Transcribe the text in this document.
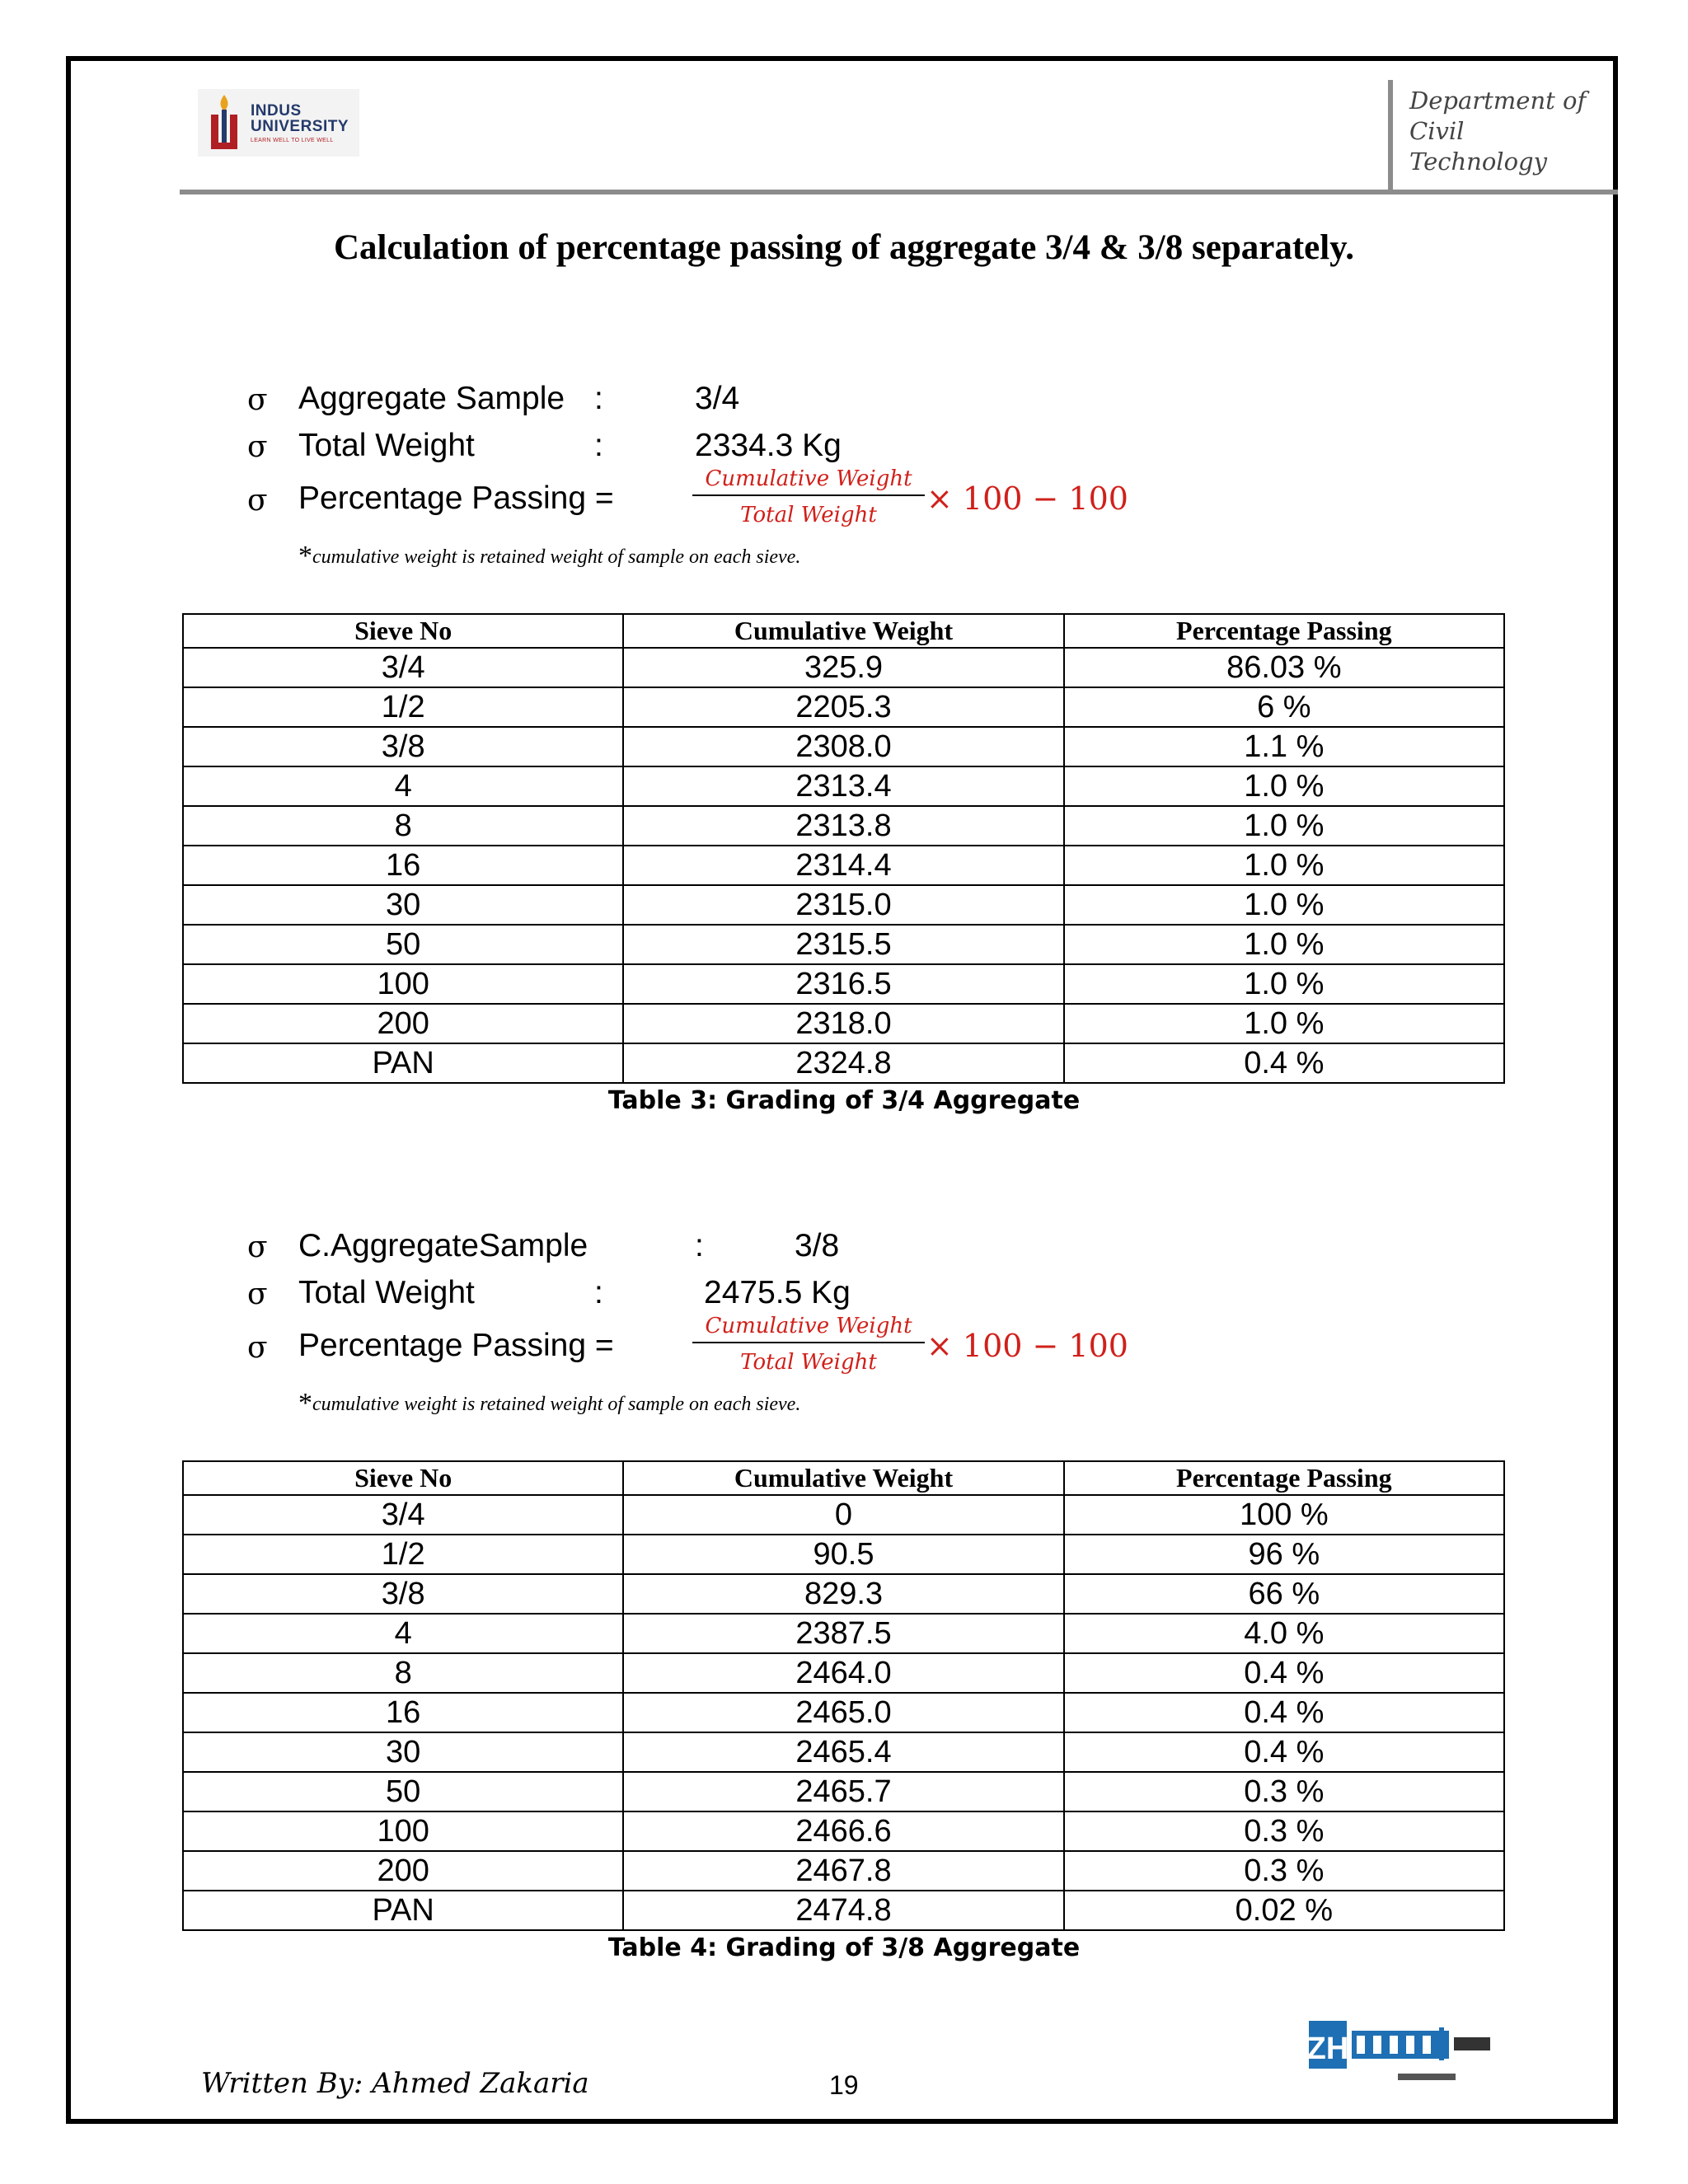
INDUS
UNIVERSITY
LEARN WELL TO LIVE WELL
Department of
Civil
Technology
Calculation of percentage passing of aggregate 3/4 & 3/8 separately.
σ Aggregate Sample :	3/4
σ Total Weight	:	2334.3 Kg
σ Percentage Passing =
Cumulative Weight
Total Weight	× 100 − 100
*cumulative weight is retained weight of sample on each sieve.
Sieve No	Cumulative Weight	Percentage Passing
3/4	325.9	86.03 %
1/2	2205.3	6 %
3/8	2308.0	1.1 %
4	2313.4	1.0 %
8	2313.8	1.0 %
16	2314.4	1.0 %
30	2315.0	1.0 %
50	2315.5	1.0 %
100	2316.5	1.0 %
200	2318.0	1.0 %
PAN	2324.8	0.4 %
Table 3: Grading of 3/4 Aggregate
σ C.AggregateSample	:	3/8
σ Total Weight	:	2475.5 Kg
σ Percentage Passing =
Cumulative Weight
Total Weight	× 100 − 100
*cumulative weight is retained weight of sample on each sieve.
Sieve No	Cumulative Weight	Percentage Passing
3/4	0	100 %
1/2	90.5	96 %
3/8	829.3	66 %
4	2387.5	4.0 %
8	2464.0	0.4 %
16	2465.0	0.4 %
30	2465.4	0.4 %
50	2465.7	0.3 %
100	2466.6	0.3 %
200	2467.8	0.3 %
PAN	2474.8	0.02 %
Table 4: Grading of 3/8 Aggregate
Written By: Ahmed Zakaria	19
ZH
